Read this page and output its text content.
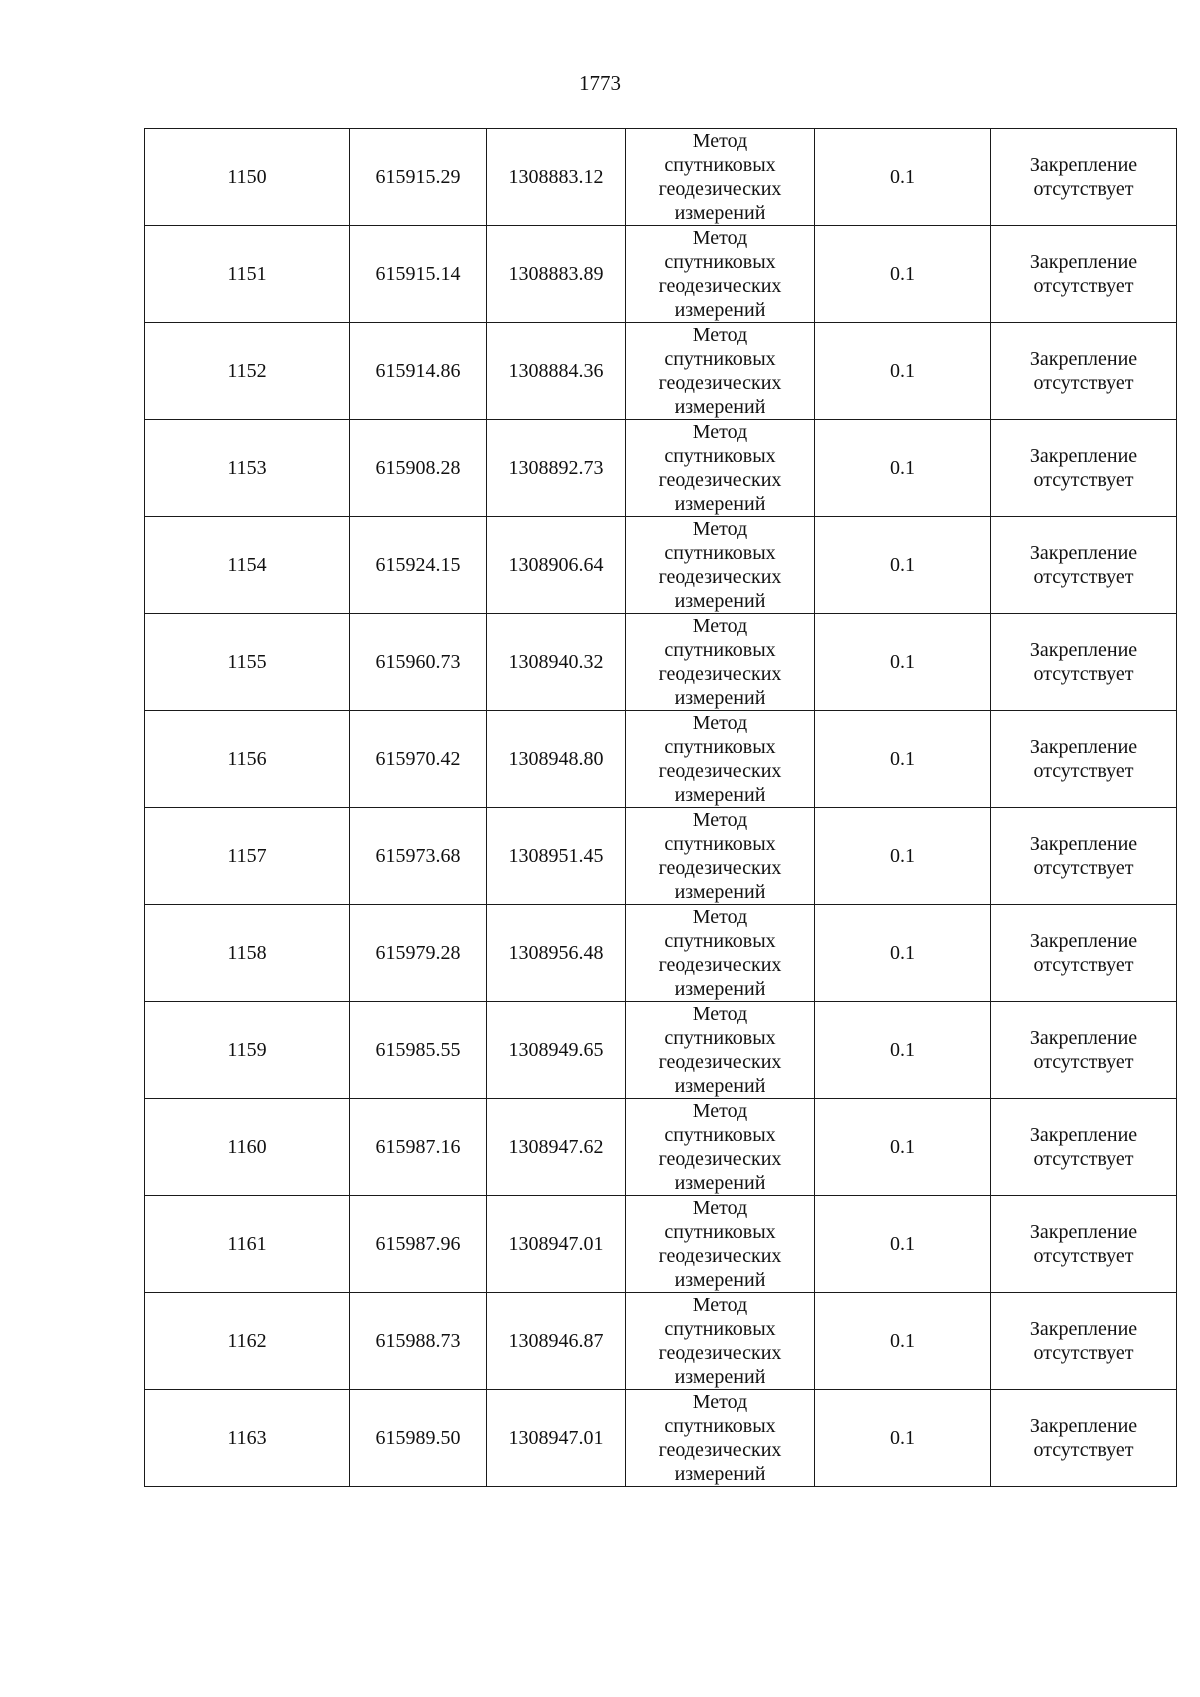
1773
1150	615915.29	1308883.12	Метод
спутниковых
геодезических
измерений	0.1	Закрепление
отсутствует

1151	615915.14	1308883.89	Метод
спутниковых
геодезических
измерений	0.1	Закрепление
отсутствует

1152	615914.86	1308884.36	Метод
спутниковых
геодезических
измерений	0.1	Закрепление
отсутствует

1153	615908.28	1308892.73	Метод
спутниковых
геодезических
измерений	0.1	Закрепление
отсутствует

1154	615924.15	1308906.64	Метод
спутниковых
геодезических
измерений	0.1	Закрепление
отсутствует

1155	615960.73	1308940.32	Метод
спутниковых
геодезических
измерений	0.1	Закрепление
отсутствует

1156	615970.42	1308948.80	Метод
спутниковых
геодезических
измерений	0.1	Закрепление
отсутствует

1157	615973.68	1308951.45	Метод
спутниковых
геодезических
измерений	0.1	Закрепление
отсутствует

1158	615979.28	1308956.48	Метод
спутниковых
геодезических
измерений	0.1	Закрепление
отсутствует

1159	615985.55	1308949.65	Метод
спутниковых
геодезических
измерений	0.1	Закрепление
отсутствует

1160	615987.16	1308947.62	Метод
спутниковых
геодезических
измерений	0.1	Закрепление
отсутствует

1161	615987.96	1308947.01	Метод
спутниковых
геодезических
измерений	0.1	Закрепление
отсутствует

1162	615988.73	1308946.87	Метод
спутниковых
геодезических
измерений	0.1	Закрепление
отсутствует

1163	615989.50	1308947.01	Метод
спутниковых
геодезических
измерений	0.1	Закрепление
отсутствует
